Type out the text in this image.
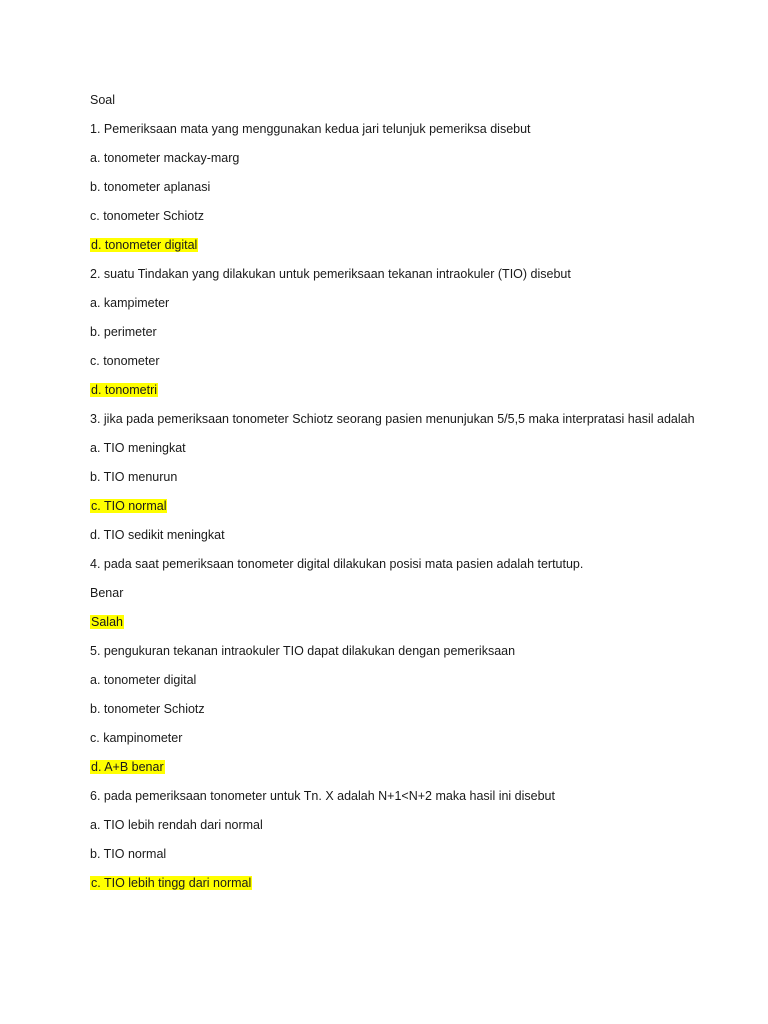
Soal
1. Pemeriksaan mata yang menggunakan kedua jari telunjuk pemeriksa disebut
a. tonometer mackay-marg
b. tonometer aplanasi
c. tonometer Schiotz
d. tonometer digital
2. suatu Tindakan yang dilakukan untuk pemeriksaan tekanan intraokuler (TIO) disebut
a. kampimeter
b. perimeter
c. tonometer
d. tonometri
3. jika pada pemeriksaan tonometer Schiotz seorang pasien menunjukan 5/5,5 maka interpratasi hasil adalah
a. TIO meningkat
b. TIO menurun
c. TIO normal
d. TIO sedikit meningkat
4. pada saat pemeriksaan tonometer digital dilakukan posisi mata pasien adalah tertutup.
Benar
Salah
5. pengukuran tekanan intraokuler TIO dapat dilakukan dengan pemeriksaan
a. tonometer digital
b. tonometer Schiotz
c. kampinometer
d. A+B benar
6. pada pemeriksaan tonometer untuk Tn. X adalah N+1<N+2 maka hasil ini disebut
a. TIO lebih rendah dari normal
b. TIO normal
c. TIO lebih tingg dari normal
